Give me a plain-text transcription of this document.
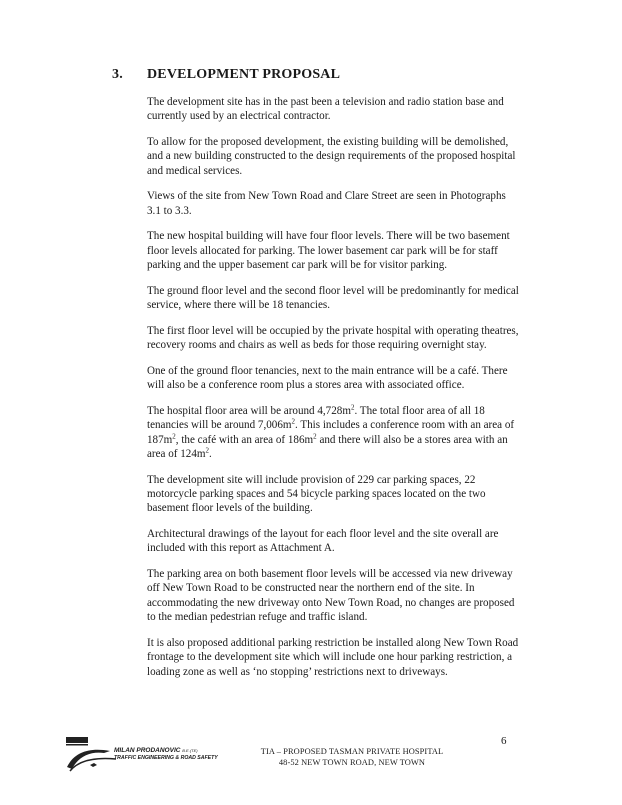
3. DEVELOPMENT PROPOSAL

The development site has in the past been a television and radio station base and currently used by an electrical contractor.

To allow for the proposed development, the existing building will be demolished, and a new building constructed to the design requirements of the proposed hospital and medical services.

Views of the site from New Town Road and Clare Street are seen in Photographs 3.1 to 3.3.

The new hospital building will have four floor levels. There will be two basement floor levels allocated for parking. The lower basement car park will be for staff parking and the upper basement car park will be for visitor parking.

The ground floor level and the second floor level will be predominantly for medical service, where there will be 18 tenancies.

The first floor level will be occupied by the private hospital with operating theatres, recovery rooms and chairs as well as beds for those requiring overnight stay.

One of the ground floor tenancies, next to the main entrance will be a café. There will also be a conference room plus a stores area with associated office.

The hospital floor area will be around $4,728m^2$. The total floor area of all 18 tenancies will be around $7,006m^2$. This includes a conference room with an area of $187m^2$, the café with an area of $186m^2$ and there will also be a stores area with an area of $124m^2$.

The development site will include provision of 229 car parking spaces, 22 motorcycle parking spaces and 54 bicycle parking spaces located on the two basement floor levels of the building.

Architectural drawings of the layout for each floor level and the site overall are included with this report as Attachment A.

The parking area on both basement floor levels will be accessed via new driveway off New Town Road to be constructed near the northern end of the site. In accommodating the new driveway onto New Town Road, no changes are proposed to the median pedestrian refuge and traffic island.

It is also proposed additional parking restriction be installed along New Town Road frontage to the development site which will include one hour parking restriction, a loading zone as well as ‘no stopping’ restrictions next to driveways.

6
MILAN PRODANOVIC B.E.(TE)
TRAFFIC ENGINEERING & ROAD SAFETY
TIA – PROPOSED TASMAN PRIVATE HOSPITAL
48-52 NEW TOWN ROAD, NEW TOWN
